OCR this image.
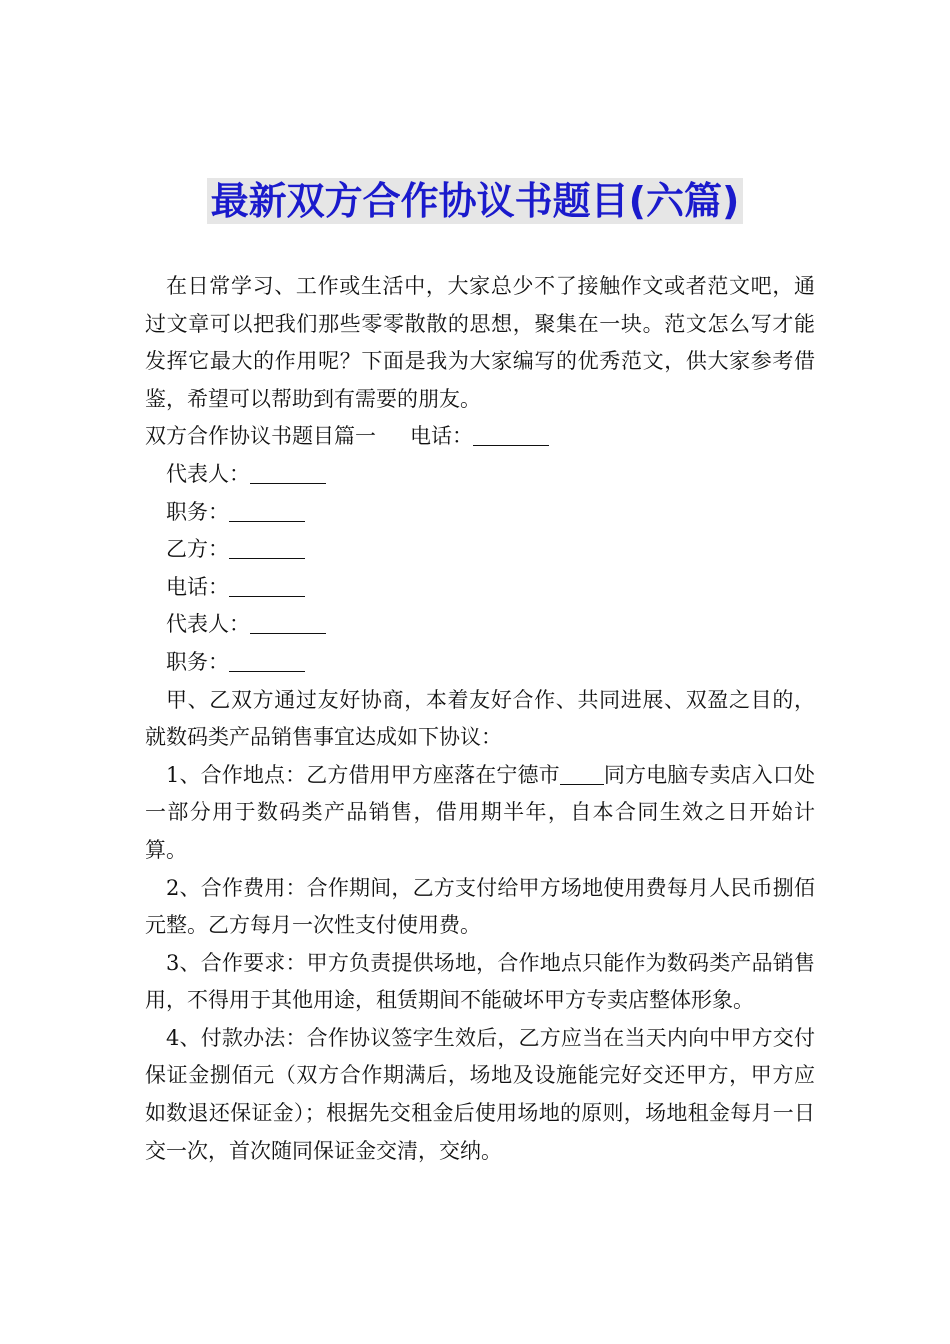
最新双方合作协议书题目(六篇)

在日常学习、工作或生活中，大家总少不了接触作文或者范文吧，通过文章可以把我们那些零零散散的思想，聚集在一块。范文怎么写才能发挥它最大的作用呢？下面是我为大家编写的优秀范文，供大家参考借鉴，希望可以帮助到有需要的朋友。

双方合作协议书题目篇一 电话：

代表人：

职务：

乙方：

电话：

代表人：

职务：

甲、乙双方通过友好协商，本着友好合作、共同进展、双盈之目的，就数码类产品销售事宜达成如下协议：

1、合作地点：乙方借用甲方座落在宁德市 同方电脑专卖店入口处一部分用于数码类产品销售，借用期半年，自本合同生效之日开始计算。

2、合作费用：合作期间，乙方支付给甲方场地使用费每月人民币捌佰元整。乙方每月一次性支付使用费。

3、合作要求：甲方负责提供场地，合作地点只能作为数码类产品销售用，不得用于其他用途，租赁期间不能破坏甲方专卖店整体形象。

4、付款办法：合作协议签字生效后，乙方应当在当天内向中甲方交付保证金捌佰元（双方合作期满后，场地及设施能完好交还甲方，甲方应如数退还保证金）；根据先交租金后使用场地的原则，场地租金每月一日交一次，首次随同保证金交清，交纳。
